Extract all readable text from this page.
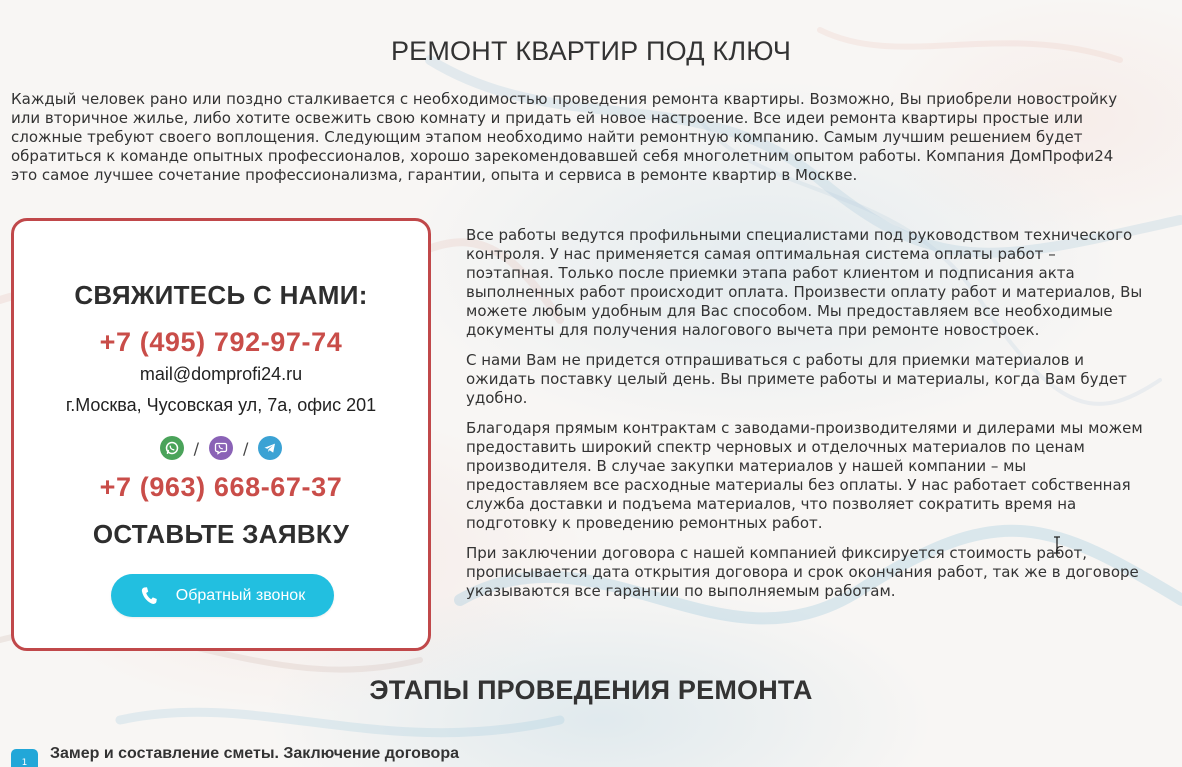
РЕМОНТ КВАРТИР ПОД КЛЮЧ

Каждый человек рано или поздно сталкивается с необходимостью проведения ремонта квартиры. Возможно, Вы приобрели новостройку или вторичное жилье, либо хотите освежить свою комнату и придать ей новое настроение. Все идеи ремонта квартиры простые или сложные требуют своего воплощения. Следующим этапом необходимо найти ремонтную компанию. Самым лучшим решением будет обратиться к команде опытных профессионалов, хорошо зарекомендовавшей себя многолетним опытом работы. Компания ДомПрофи24 это самое лучшее сочетание профессионализма, гарантии, опыта и сервиса в ремонте квартир в Москве.

СВЯЖИТЕСЬ С НАМИ:
+7 (495) 792-97-74
mail@domprofi24.ru
г.Москва, Чусовская ул, 7а, офис 201
/	/
+7 (963) 668-67-37
ОСТАВЬТЕ ЗАЯВКУ
Обратный звонок

Все работы ведутся профильными специалистами под руководством технического контроля. У нас применяется самая оптимальная система оплаты работ – поэтапная. Только после приемки этапа работ клиентом и подписания акта выполненных работ происходит оплата. Произвести оплату работ и материалов, Вы можете любым удобным для Вас способом. Мы предоставляем все необходимые документы для получения налогового вычета при ремонте новостроек.

С нами Вам не придется отпрашиваться с работы для приемки материалов и ожидать поставку целый день. Вы примете работы и материалы, когда Вам будет удобно.

Благодаря прямым контрактам с заводами-производителями и дилерами мы можем предоставить широкий спектр черновых и отделочных материалов по ценам производителя. В случае закупки материалов у нашей компании – мы предоставляем все расходные материалы без оплаты. У нас работает собственная служба доставки и подъема материалов, что позволяет сократить время на подготовку к проведению ремонтных работ.

При заключении договора с нашей компанией фиксируется стоимость работ, прописывается дата открытия договора и срок окончания работ, так же в договоре указываются все гарантии по выполняемым работам.

ЭТАПЫ ПРОВЕДЕНИЯ РЕМОНТА
1
Замер и составление сметы. Заключение договора
